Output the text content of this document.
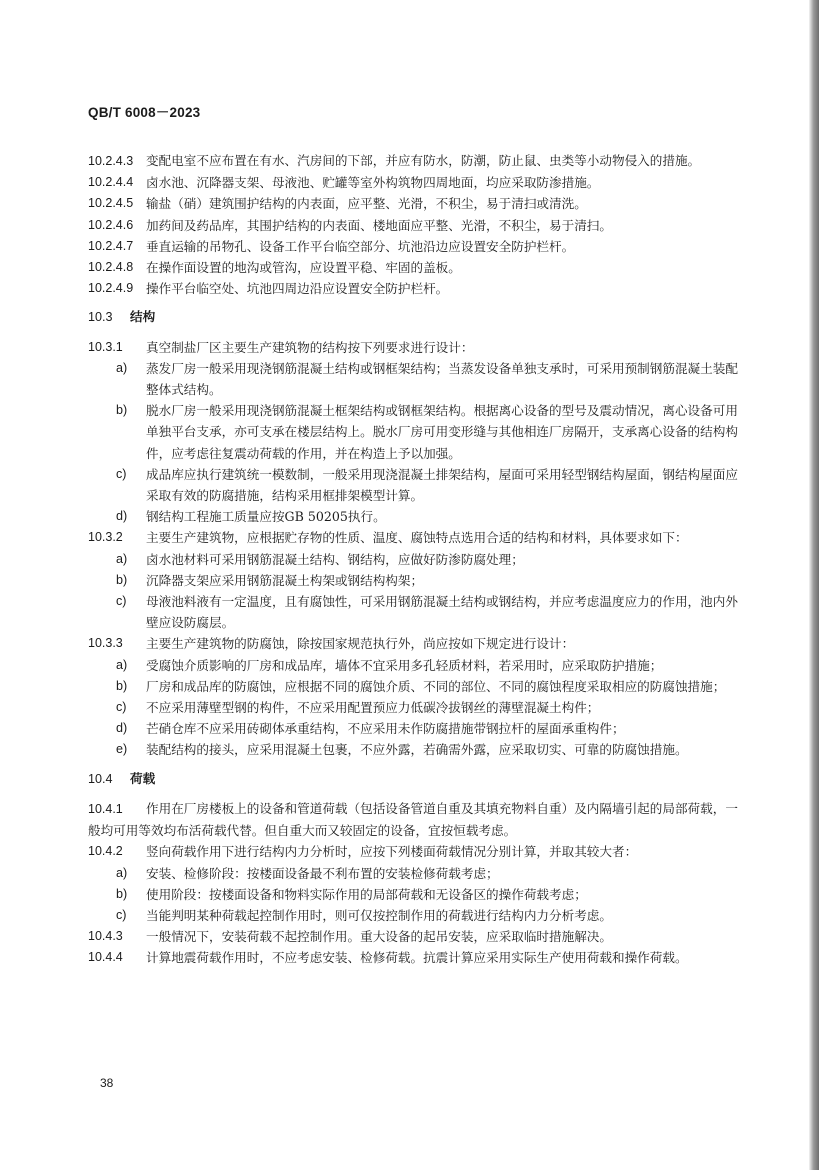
QB/T 6008－2023
10.2.4.3 变配电室不应布置在有水、汽房间的下部，并应有防水，防潮，防止鼠、虫类等小动物侵入的措施。
10.2.4.4	卤水池、沉降器支架、母液池、贮罐等室外构筑物四周地面，均应采取防渗措施。
10.2.4.5	输盐（硝）建筑围护结构的内表面，应平整、光滑，不积尘，易于清扫或清洗。
10.2.4.6	加药间及药品库，其围护结构的内表面、楼地面应平整、光滑，不积尘，易于清扫。
10.2.4.7	垂直运输的吊物孔、设备工作平台临空部分、坑池沿边应设置安全防护栏杆。
10.2.4.8	在操作面设置的地沟或管沟，应设置平稳、牢固的盖板。
10.2.4.9	操作平台临空处、坑池四周边沿应设置安全防护栏杆。
10.3	结构
10.3.1	真空制盐厂区主要生产建筑物的结构按下列要求进行设计：
a)	蒸发厂房一般采用现浇钢筋混凝土结构或钢框架结构；当蒸发设备单独支承时，可采用预制钢筋混凝土装配整体式结构。
b)	脱水厂房一般采用现浇钢筋混凝土框架结构或钢框架结构。根据离心设备的型号及震动情况，离心设备可用单独平台支承，亦可支承在楼层结构上。脱水厂房可用变形缝与其他相连厂房隔开，支承离心设备的结构构件，应考虑往复震动荷载的作用，并在构造上予以加强。
c)	成品库应执行建筑统一模数制，一般采用现浇混凝土排架结构，屋面可采用轻型钢结构屋面，钢结构屋面应采取有效的防腐措施，结构采用框排架模型计算。
d)	钢结构工程施工质量应按GB 50205执行。
10.3.2	主要生产建筑物，应根据贮存物的性质、温度、腐蚀特点选用合适的结构和材料，具体要求如下：
a)	卤水池材料可采用钢筋混凝土结构、钢结构，应做好防渗防腐处理；
b)	沉降器支架应采用钢筋混凝土构架或钢结构构架；
c)	母液池料液有一定温度，且有腐蚀性，可采用钢筋混凝土结构或钢结构，并应考虑温度应力的作用，池内外壁应设防腐层。
10.3.3	主要生产建筑物的防腐蚀，除按国家规范执行外，尚应按如下规定进行设计：
a)	受腐蚀介质影响的厂房和成品库，墙体不宜采用多孔轻质材料，若采用时，应采取防护措施；
b)	厂房和成品库的防腐蚀，应根据不同的腐蚀介质、不同的部位、不同的腐蚀程度采取相应的防腐蚀措施；
c)	不应采用薄壁型钢的构件，不应采用配置预应力低碳冷拔钢丝的薄壁混凝土构件；
d)	芒硝仓库不应采用砖砌体承重结构，不应采用未作防腐措施带钢拉杆的屋面承重构件；
e)	装配结构的接头，应采用混凝土包裹，不应外露，若确需外露，应采取切实、可靠的防腐蚀措施。
10.4	荷载
10.4.1 作用在厂房楼板上的设备和管道荷载（包括设备管道自重及其填充物料自重）及内隔墙引起的局部荷载，一般均可用等效均布活荷载代替。但自重大而又较固定的设备，宜按恒载考虑。
10.4.2	竖向荷载作用下进行结构内力分析时，应按下列楼面荷载情况分别计算，并取其较大者：
a)	安装、检修阶段：按楼面设备最不利布置的安装检修荷载考虑；
b)	使用阶段：按楼面设备和物料实际作用的局部荷载和无设备区的操作荷载考虑；
c)	当能判明某种荷载起控制作用时，则可仅按控制作用的荷载进行结构内力分析考虑。
10.4.3	一般情况下，安装荷载不起控制作用。重大设备的起吊安装，应采取临时措施解决。
10.4.4	计算地震荷载作用时，不应考虑安装、检修荷载。抗震计算应采用实际生产使用荷载和操作荷载。
38
